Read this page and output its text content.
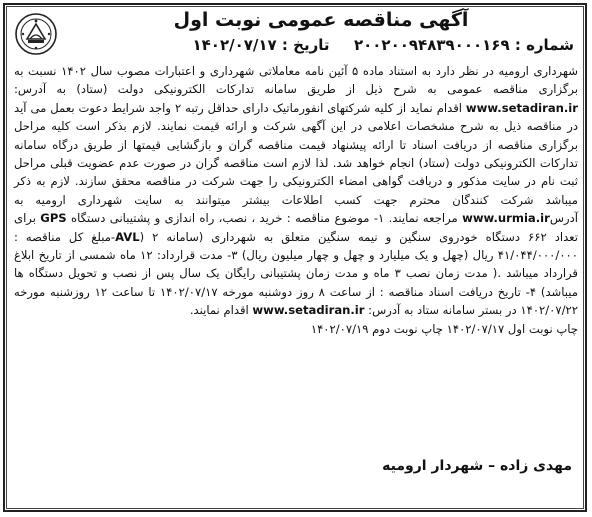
آگهی مناقصه عمومی نوبت اول
شماره : ۲۰۰۲۰۰۹۴۸۳۹۰۰۰۱۶۹  تاریخ : ۱۴۰۲/۰۷/۱۷
شهرداری ارومیه در نظر دارد به استناد ماده ۵ آئین نامه معاملاتی شهرداری و اعتبارات مصوب سال ۱۴۰۲ نسبت به برگزاری مناقصه عمومی به شرح ذیل از طریق سامانه تدارکات الکترونیکی دولت (ستاد) به آدرس: www.setadiran.ir اقدام نماید از کلیه شرکتهای انفورماتیک دارای حداقل رتبه ۲ واجد شرایط دعوت بعمل می آید در مناقصه ذیل به شرح مشخصات اعلامی در این آگهی شرکت و ارائه قیمت نمایند. لازم بذکر است کلیه مراحل برگزاری مناقصه از دریافت اسناد تا ارائه پیشنهاد قیمت مناقصه گران و بازگشایی قیمتها از طریق درگاه سامانه تدارکات الکترونیکی دولت (ستاد) انجام خواهد شد. لذا لازم است مناقصه گران در صورت عدم عضویت قبلی مراحل ثبت نام در سایت مذکور و دریافت گواهی امضاء الکترونیکی را جهت شرکت در مناقصه محقق سازند. لازم به ذکر میباشد شرکت کنندگان محترم جهت کسب اطلاعات بیشتر میتوانند به سایت شهرداری ارومیه به آدرسwww.urmia.ir مراجعه نمایند. ۱- موضوع مناقصه : خرید ، نصب، راه اندازی و پشتیبانی دستگاه GPS برای تعداد ۶۶۲ دستگاه خودروی سنگین و نیمه سنگین متعلق به شهرداری (سامانه AVL) ۲-مبلغ کل مناقصه : ۴۱/۰۴۴/۰۰۰/۰۰۰ ریال (چهل و یک میلیارد و چهل و چهار میلیون ریال) ۳- مدت قرارداد: ۱۲ ماه شمسی از تاریخ ابلاغ قرارداد میباشد .( مدت زمان نصب ۳ ماه و مدت زمان پشتیبانی رایگان یک سال پس از نصب و تحویل دستگاه ها میباشد) ۴- تاریخ دریافت اسناد مناقصه : از ساعت ۸ روز دوشنبه مورخه ۱۴۰۲/۰۷/۱۷ تا ساعت ۱۲ روزشنبه مورخه ۱۴۰۲/۰۷/۲۲ در بستر سامانه ستاد به آدرس: www.setadiran.ir اقدام نمایند.
چاپ نوبت اول ۱۴۰۲/۰۷/۱۷ چاپ نوبت دوم ۱۴۰۲/۰۷/۱۹
مهدی زاده – شهردار ارومیه
